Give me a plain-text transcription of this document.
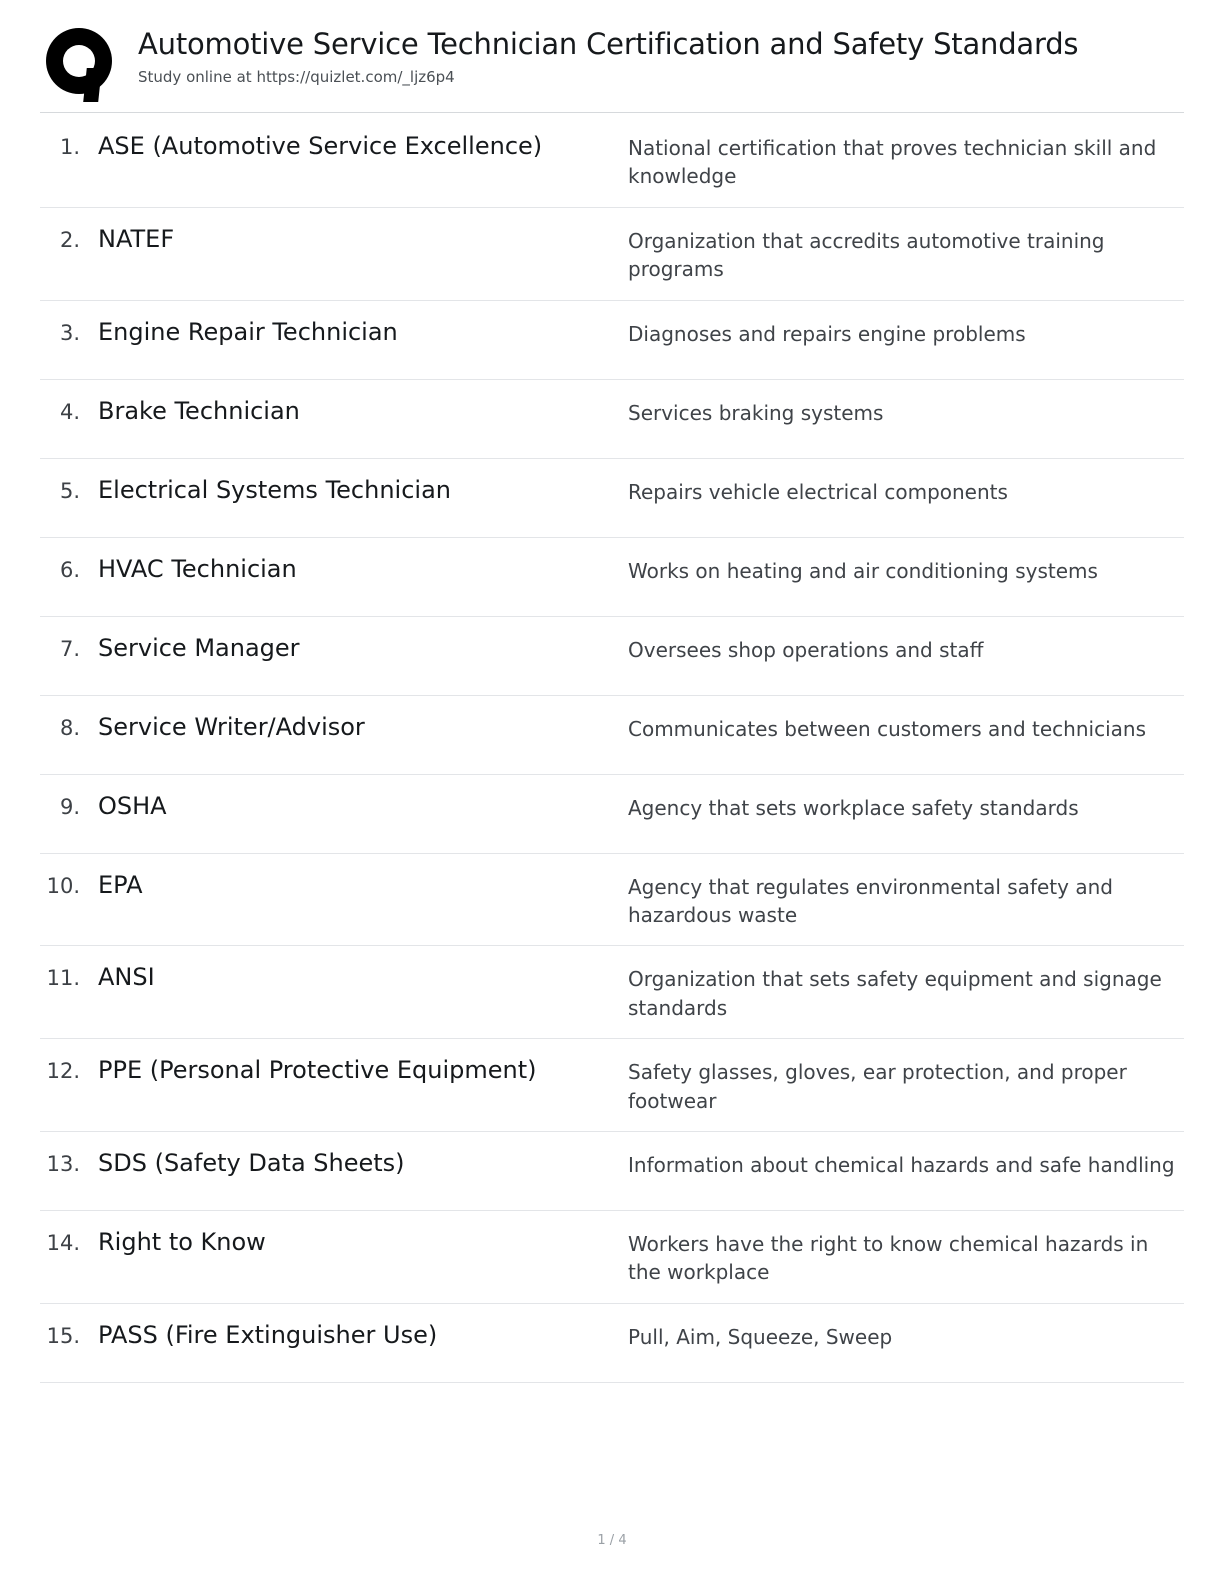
Automotive Service Technician Certification and Safety Standards
Study online at https://quizlet.com/_ljz6p4
1. ASE (Automotive Service Excellence)	National certification that proves technician skill and knowledge
2. NATEF	Organization that accredits automotive training programs
3. Engine Repair Technician	Diagnoses and repairs engine problems
4. Brake Technician	Services braking systems
5. Electrical Systems Technician	Repairs vehicle electrical components
6. HVAC Technician	Works on heating and air conditioning systems
7. Service Manager	Oversees shop operations and staff
8. Service Writer/Advisor	Communicates between customers and technicians
9. OSHA	Agency that sets workplace safety standards
10. EPA	Agency that regulates environmental safety and hazardous waste
11. ANSI	Organization that sets safety equipment and signage standards
12. PPE (Personal Protective Equipment)	Safety glasses, gloves, ear protection, and proper footwear
13. SDS (Safety Data Sheets)	Information about chemical hazards and safe handling
14. Right to Know	Workers have the right to know chemical hazards in the workplace
15. PASS (Fire Extinguisher Use)	Pull, Aim, Squeeze, Sweep
1 / 4
